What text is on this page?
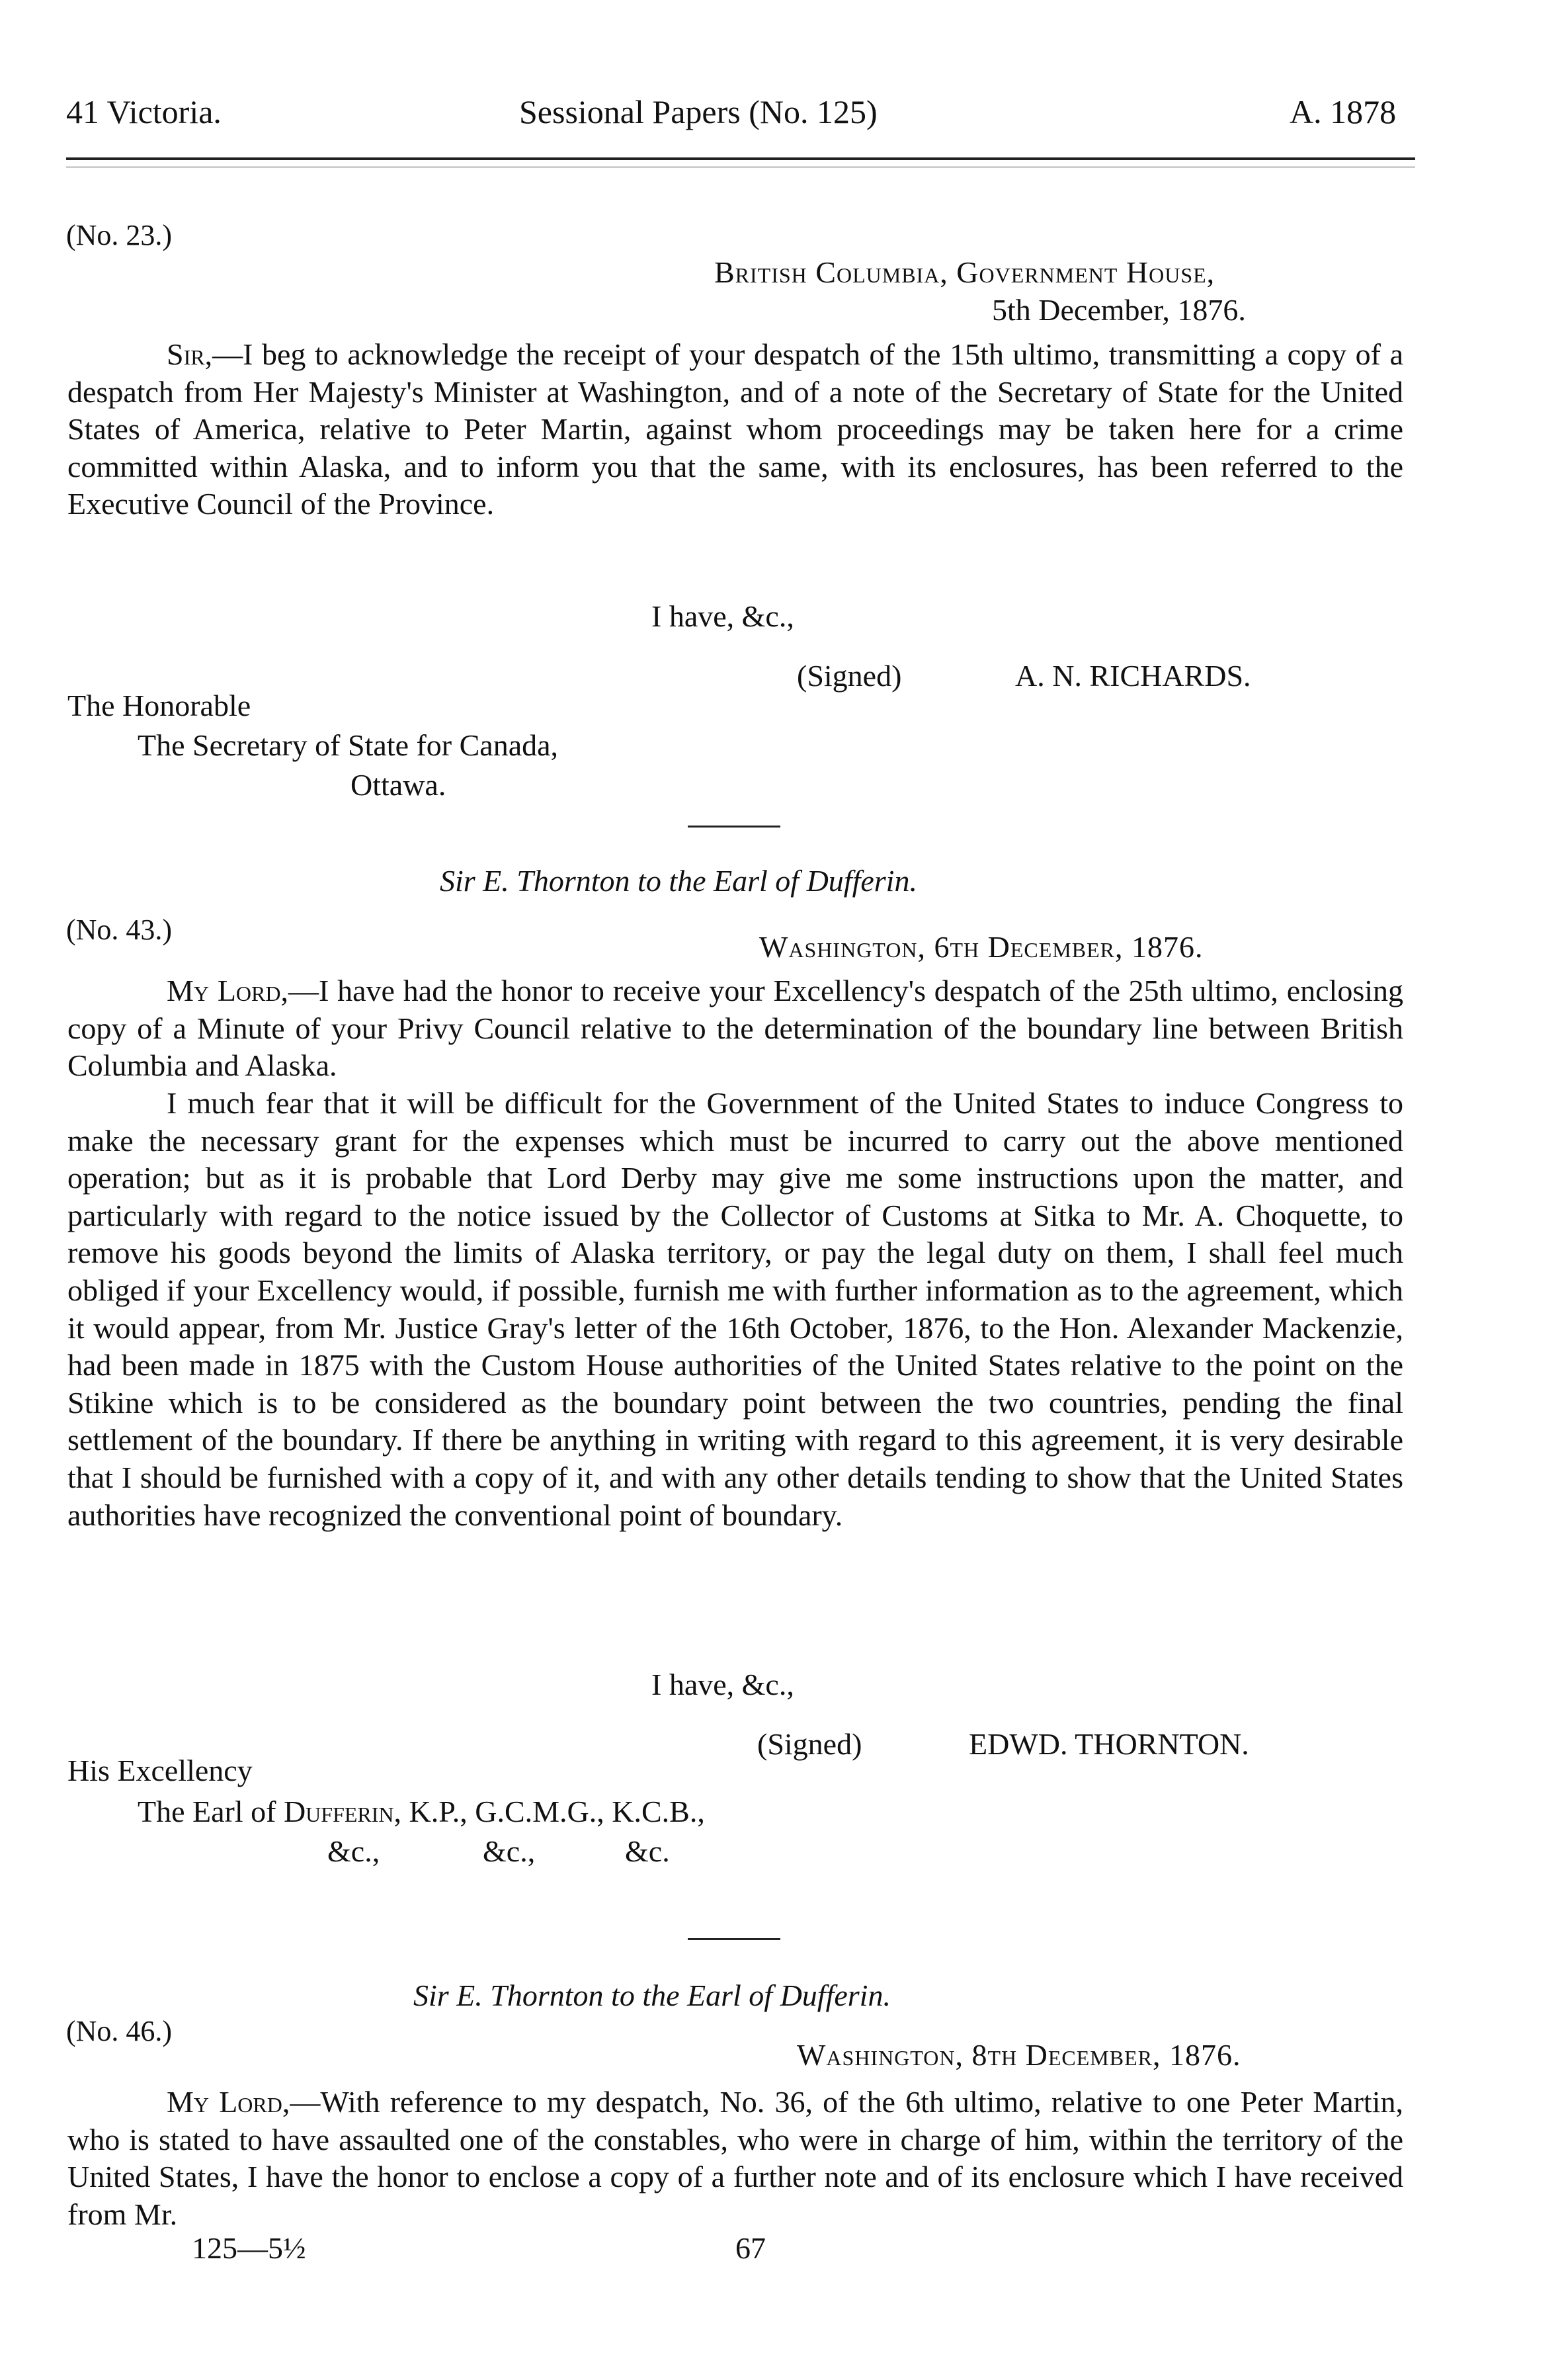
41 Victoria.	Sessional Papers (No. 125)	A. 1878
(No. 23.)
British Columbia, Government House,
5th December, 1876.

Sir,—I beg to acknowledge the receipt of your despatch of the 15th ultimo, transmitting a copy of a despatch from Her Majesty's Minister at Washington, and of a note of the Secretary of State for the United States of America, relative to Peter Martin, against whom proceedings may be taken here for a crime committed within Alaska, and to inform you that the same, with its enclosures, has been referred to the Executive Council of the Province.

I have, &c.,
(Signed)	A. N. RICHARDS.
The Honorable
The Secretary of State for Canada,
Ottawa.
Sir E. Thornton to the Earl of Dufferin.
(No. 43.)
Washington, 6th December, 1876.

My Lord,—I have had the honor to receive your Excellency's despatch of the 25th ultimo, enclosing copy of a Minute of your Privy Council relative to the determination of the boundary line between British Columbia and Alaska.

I much fear that it will be difficult for the Government of the United States to induce Congress to make the necessary grant for the expenses which must be incurred to carry out the above mentioned operation; but as it is probable that Lord Derby may give me some instructions upon the matter, and particularly with regard to the notice issued by the Collector of Customs at Sitka to Mr. A. Choquette, to remove his goods beyond the limits of Alaska territory, or pay the legal duty on them, I shall feel much obliged if your Excellency would, if possible, furnish me with further information as to the agreement, which it would appear, from Mr. Justice Gray's letter of the 16th October, 1876, to the Hon. Alexander Mackenzie, had been made in 1875 with the Custom House authorities of the United States relative to the point on the Stikine which is to be considered as the boundary point between the two countries, pending the final settlement of the boundary. If there be anything in writing with regard to this agreement, it is very desirable that I should be furnished with a copy of it, and with any other details tending to show that the United States authorities have recognized the conventional point of boundary.

I have, &c.,
(Signed)	EDWD. THORNTON.
His Excellency
The Earl of Dufferin, K.P., G.C.M.G., K.C.B.,
&c.,	&c.,	&c.
Sir E. Thornton to the Earl of Dufferin.
(No. 46.)
Washington, 8th December, 1876.

My Lord,—With reference to my despatch, No. 36, of the 6th ultimo, relative to one Peter Martin, who is stated to have assaulted one of the constables, who were in charge of him, within the territory of the United States, I have the honor to enclose a copy of a further note and of its enclosure which I have received from Mr.

125—5½	67
